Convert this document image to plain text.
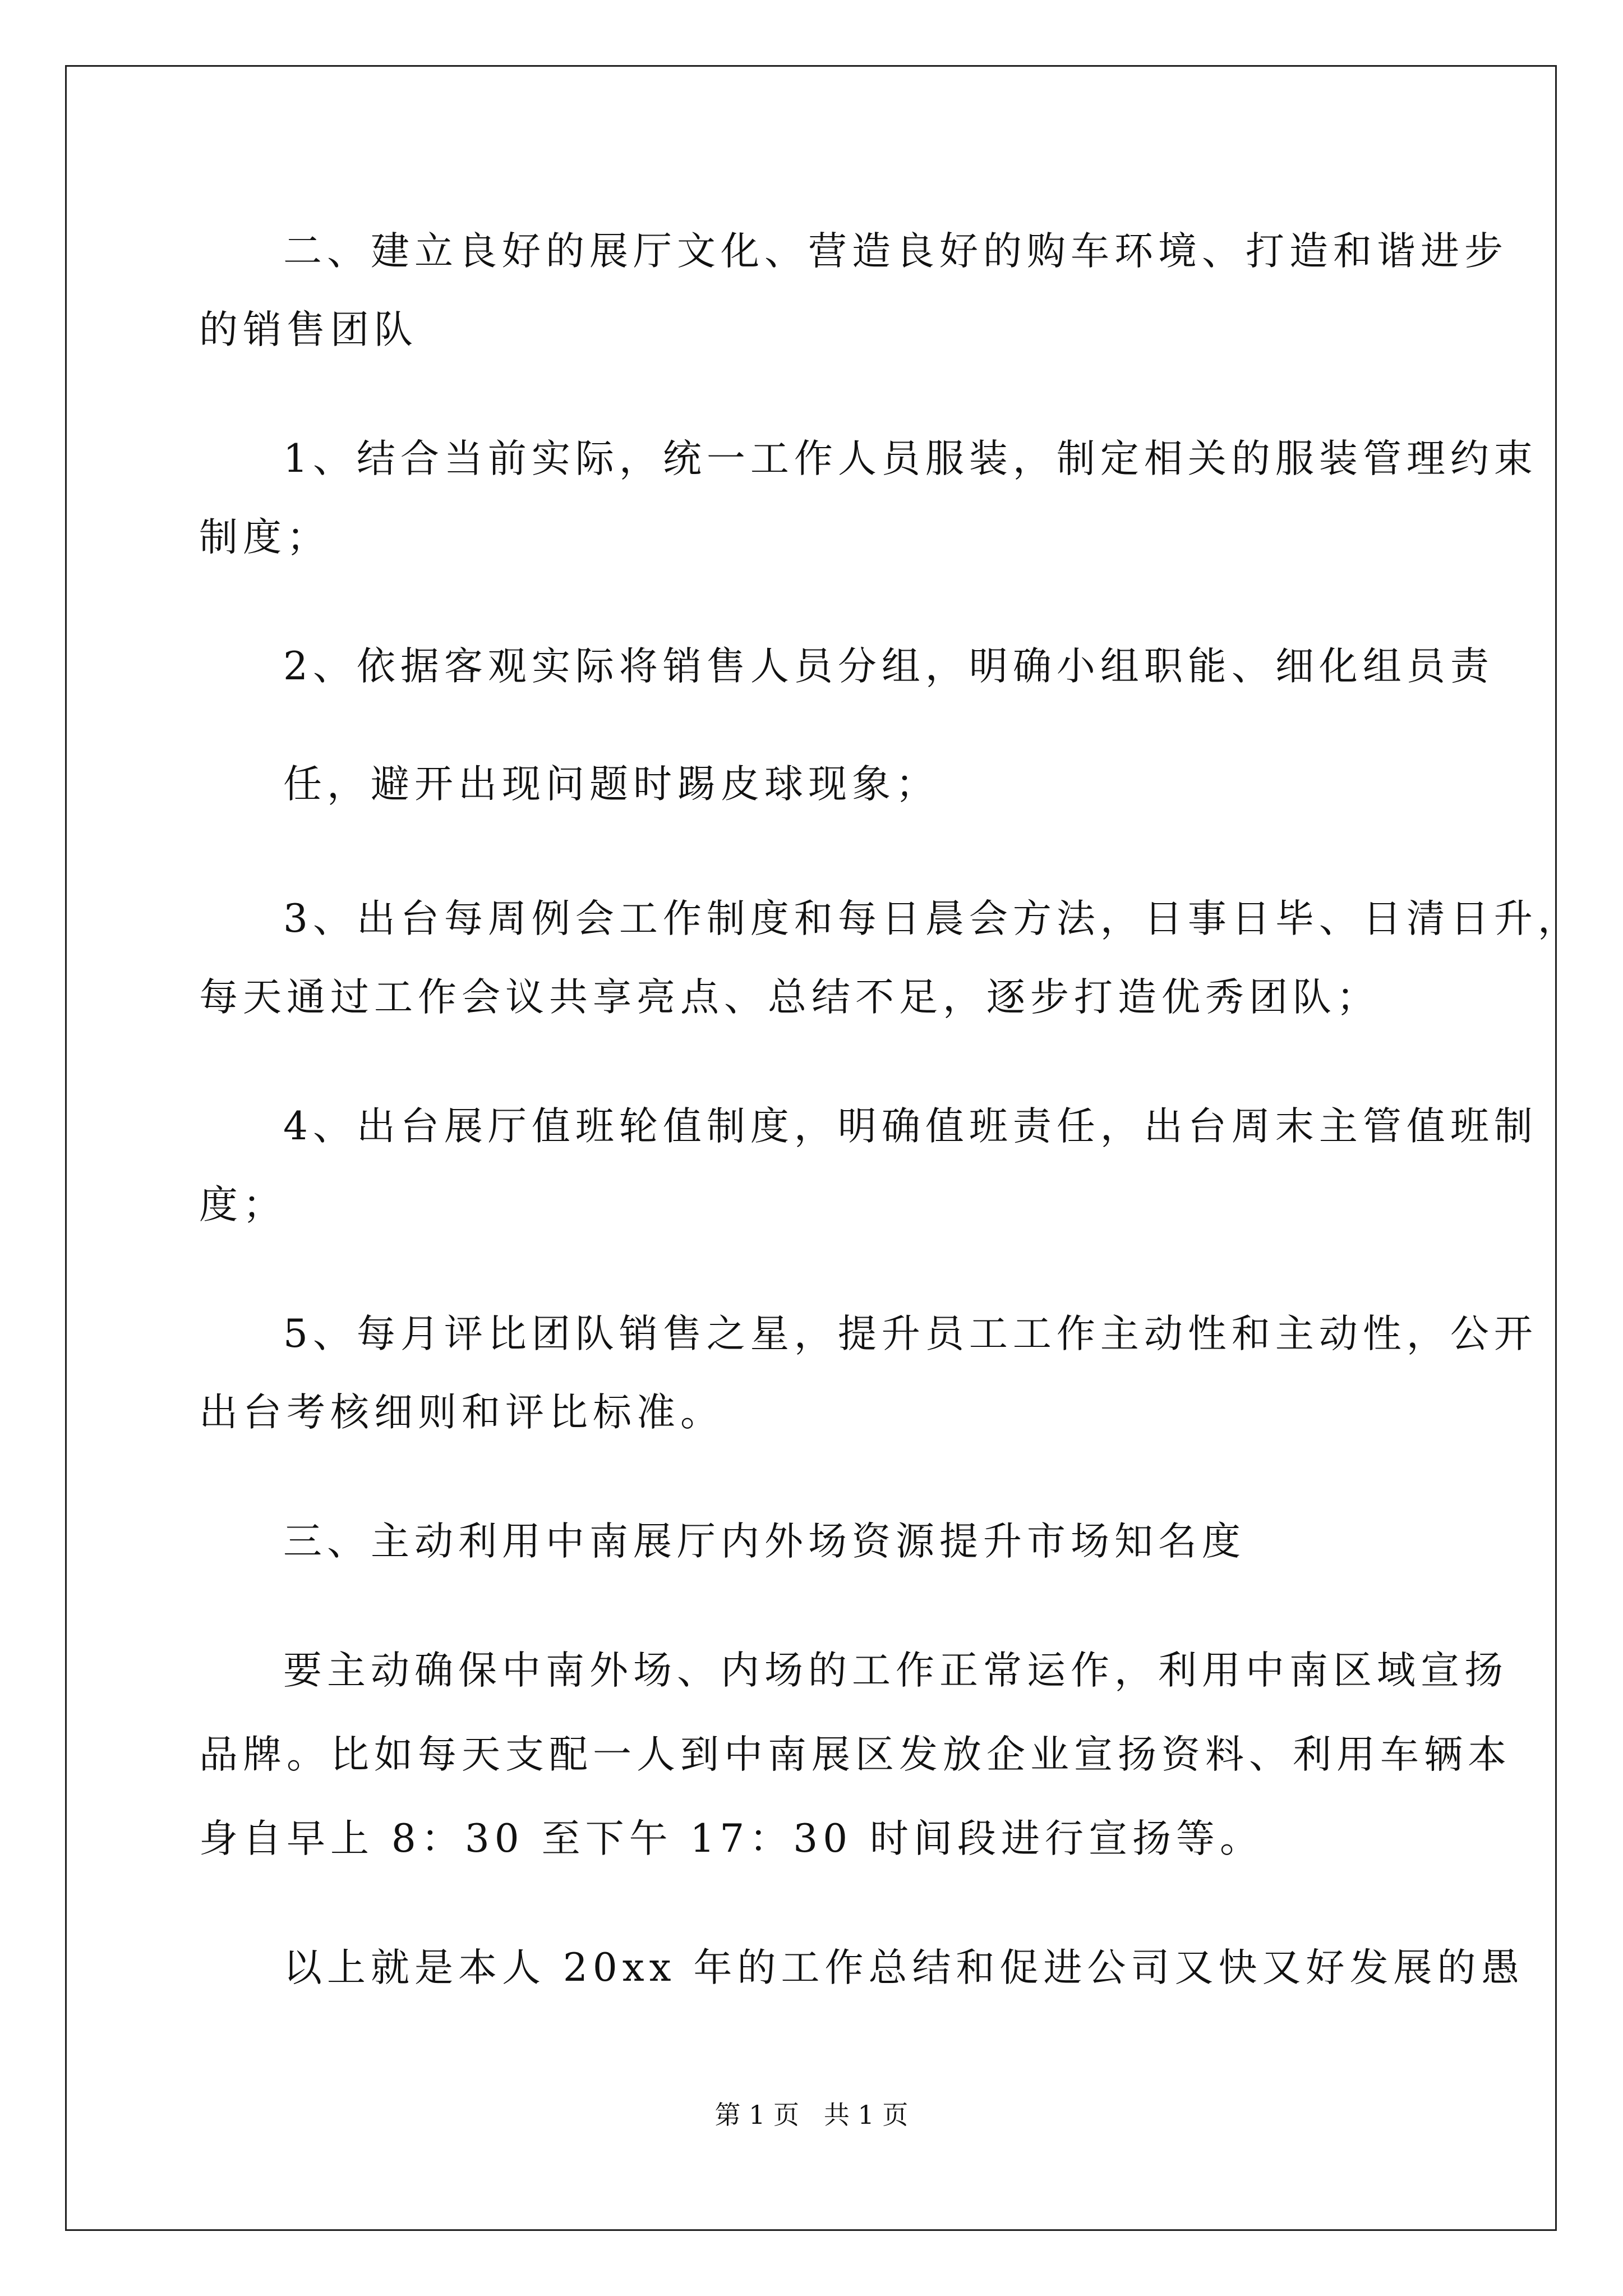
二、建立良好的展厅文化、营造良好的购车环境、打造和谐进步

的销售团队

1、结合当前实际，统一工作人员服装，制定相关的服装管理约束

制度；

2、依据客观实际将销售人员分组，明确小组职能、细化组员责

任，避开出现问题时踢皮球现象；

3、出台每周例会工作制度和每日晨会方法，日事日毕、日清日升，

每天通过工作会议共享亮点、总结不足，逐步打造优秀团队；

4、出台展厅值班轮值制度，明确值班责任，出台周末主管值班制

度；

5、每月评比团队销售之星，提升员工工作主动性和主动性，公开

出台考核细则和评比标准。

三、主动利用中南展厅内外场资源提升市场知名度

要主动确保中南外场、内场的工作正常运作，利用中南区域宣扬

品牌。比如每天支配一人到中南展区发放企业宣扬资料、利用车辆本

身自早上 8：30 至下午 17：30 时间段进行宣扬等。

以上就是本人 20xx 年的工作总结和促进公司又快又好发展的愚

第 1 页   共 1 页
